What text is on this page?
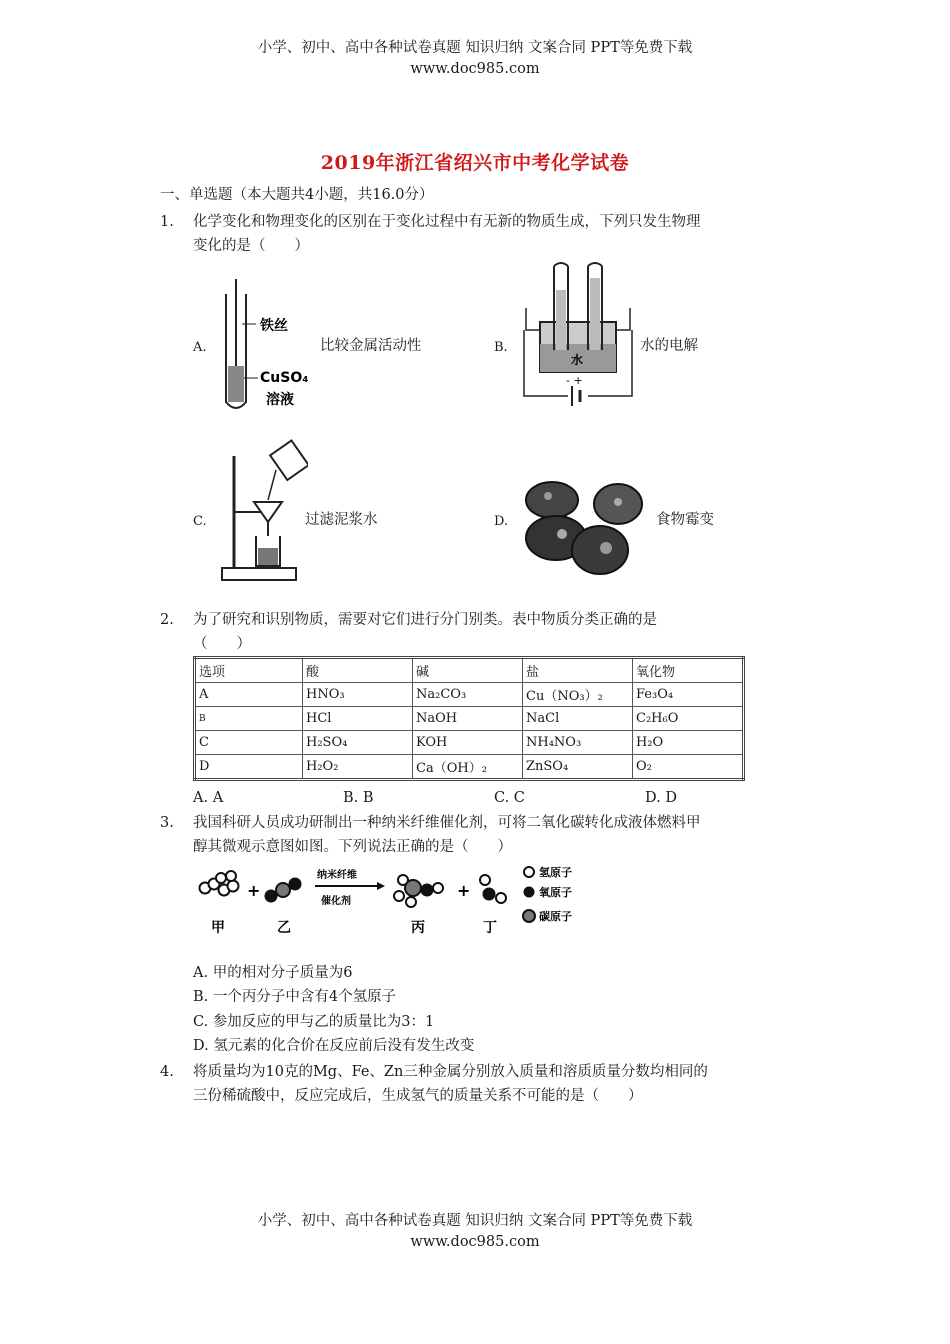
小学、初中、高中各种试卷真题 知识归纳 文案合同 PPT等免费下载
www.doc985.com
2019年浙江省绍兴市中考化学试卷
一、单选题（本大题共4小题，共16.0分）
1. 化学变化和物理变化的区别在于变化过程中有无新的物质生成，下列只发生物理
变化的是（　　）
A.
铁丝
CuSO₄
溶液
比较金属活动性	B.
水
- +
水的电解
C.	过滤泥浆水	D.	食物霉变
2. 为了研究和识别物质，需要对它们进行分门别类。表中物质分类正确的是
（　　）
选项	酸	碱	盐	氧化物
A	HNO₃	Na₂CO₃	Cu（NO₃）₂	Fe₃O₄
B	HCl	NaOH	NaCl	C₂H₆O
C	H₂SO₄	KOH	NH₄NO₃	H₂O
D	H₂O₂	Ca（OH）₂	ZnSO₄	O₂
A. A	B. B	C. C	D. D
3. 我国科研人员成功研制出一种纳米纤维催化剂，可将二氧化碳转化成液体燃料甲
醇其微观示意图如图。下列说法正确的是（　　）
甲
+
乙
纳米纤维
催化剂
丙
+
丁
氢原子
氧原子
碳原子
A. 甲的相对分子质量为6
B. 一个丙分子中含有4个氢原子
C. 参加反应的甲与乙的质量比为3：1
D. 氢元素的化合价在反应前后没有发生改变
4. 将质量均为10克的Mg、Fe、Zn三种金属分别放入质量和溶质质量分数均相同的
三份稀硫酸中，反应完成后，生成氢气的质量关系不可能的是（　　）
小学、初中、高中各种试卷真题 知识归纳 文案合同 PPT等免费下载
www.doc985.com
